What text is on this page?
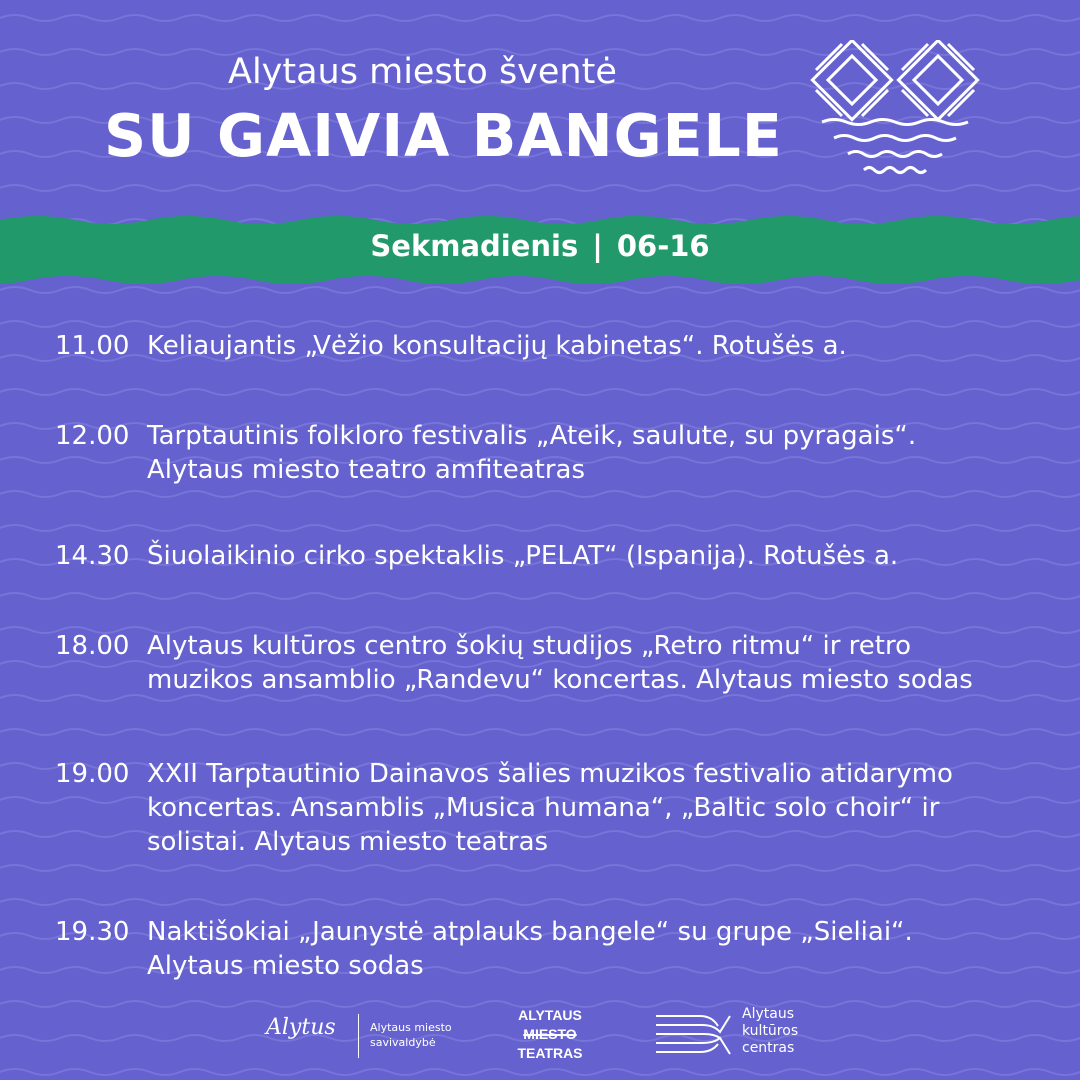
Alytaus miesto šventė
SU GAIVIA BANGELE
Sekmadienis | 06-16
11.00 Keliaujantis „Vėžio konsultacijų kabinetas“. Rotušės a.
12.00 Tarptautinis folkloro festivalis „Ateik, saulute, su pyragais“.
Alytaus miesto teatro amfiteatras
14.30 Šiuolaikinio cirko spektaklis „PELAT“ (Ispanija). Rotušės a.
18.00 Alytaus kultūros centro šokių studijos „Retro ritmu“ ir retro
muzikos ansamblio „Randevu“ koncertas. Alytaus miesto sodas
19.00 XXII Tarptautinio Dainavos šalies muzikos festivalio atidarymo
koncertas. Ansamblis „Musica humana“, „Baltic solo choir“ ir
solistai. Alytaus miesto teatras
19.30 Naktišokiai „Jaunystė atplauks bangele“ su grupe „Sieliai“.
Alytaus miesto sodas
Alytus	Alytaus miesto
savivaldybė
ALYTAUS
MIESTO
TEATRAS
Alytaus
kultūros
centras
